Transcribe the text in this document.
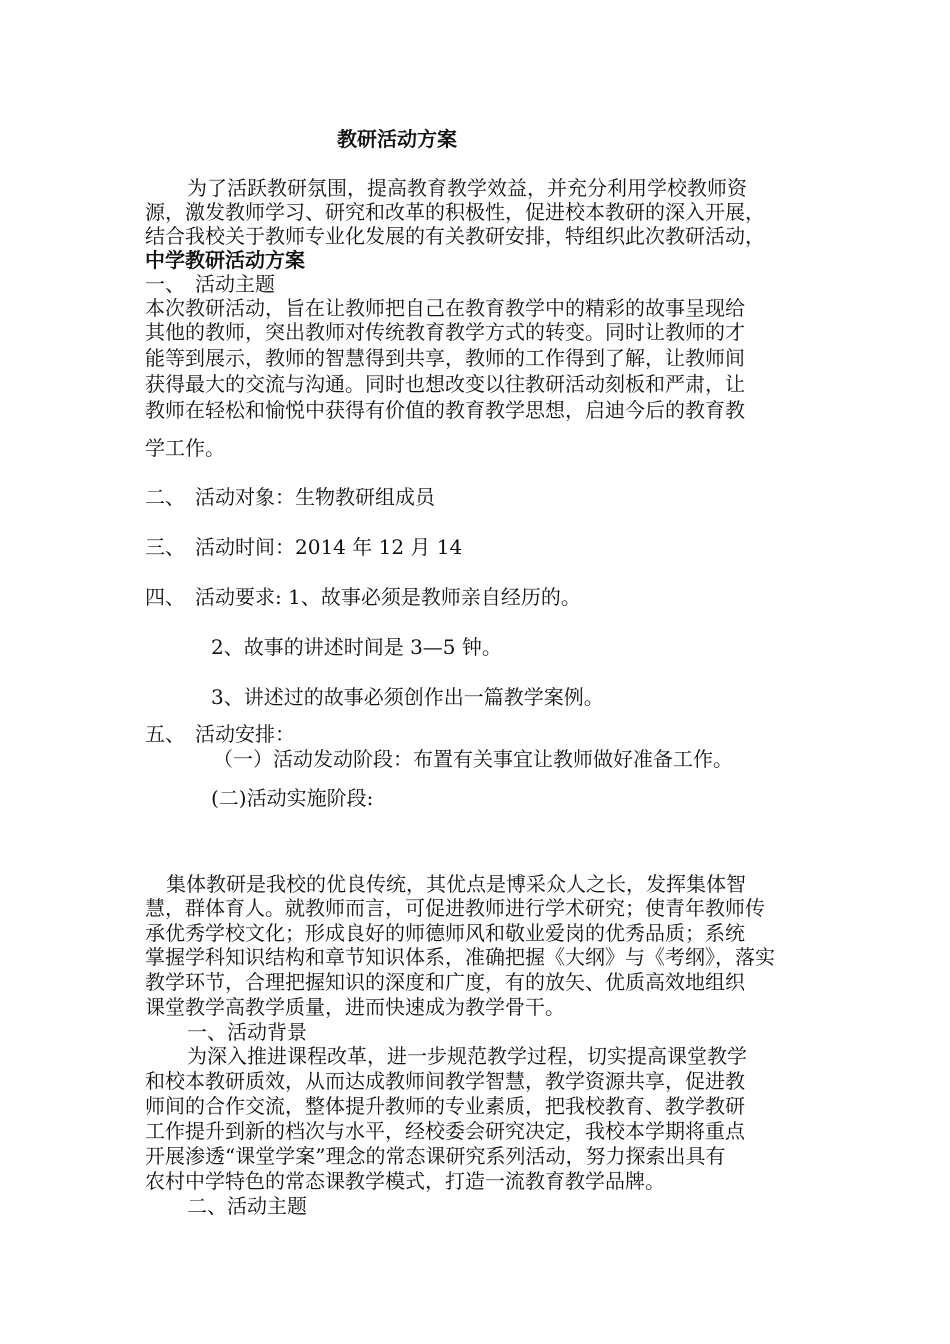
教研活动方案
为了活跃教研氛围，提高教育教学效益，并充分利用学校教师资
源，激发教师学习、研究和改革的积极性，促进校本教研的深入开展，
结合我校关于教师专业化发展的有关教研安排，特组织此次教研活动，
中学教研活动方案
一、 活动主题
本次教研活动，旨在让教师把自己在教育教学中的精彩的故事呈现给
其他的教师，突出教师对传统教育教学方式的转变。同时让教师的才
能等到展示，教师的智慧得到共享，教师的工作得到了解，让教师间
获得最大的交流与沟通。同时也想改变以往教研活动刻板和严肃，让
教师在轻松和愉悦中获得有价值的教育教学思想，启迪今后的教育教
学工作。
二、 活动对象：生物教研组成员
三、 活动时间：2014 年 12 月 14
四、 活动要求: 1、故事必须是教师亲自经历的。
2、故事的讲述时间是 3—5 钟。
3、讲述过的故事必须创作出一篇教学案例。
五、 活动安排：
（一）活动发动阶段：布置有关事宜让教师做好准备工作。
(二)活动实施阶段:
集体教研是我校的优良传统，其优点是博采众人之长，发挥集体智
慧，群体育人。就教师而言，可促进教师进行学术研究；使青年教师传
承优秀学校文化；形成良好的师德师风和敬业爱岗的优秀品质；系统
掌握学科知识结构和章节知识体系，准确把握《大纲》与《考纲》，落实
教学环节，合理把握知识的深度和广度，有的放矢、优质高效地组织
课堂教学高教学质量，进而快速成为教学骨干。
一、活动背景
为深入推进课程改革，进一步规范教学过程，切实提高课堂教学
和校本教研质效，从而达成教师间教学智慧，教学资源共享，促进教
师间的合作交流，整体提升教师的专业素质，把我校教育、教学教研
工作提升到新的档次与水平，经校委会研究决定，我校本学期将重点
开展渗透“课堂学案”理念的常态课研究系列活动，努力探索出具有
农村中学特色的常态课教学模式，打造一流教育教学品牌。
二、活动主题
